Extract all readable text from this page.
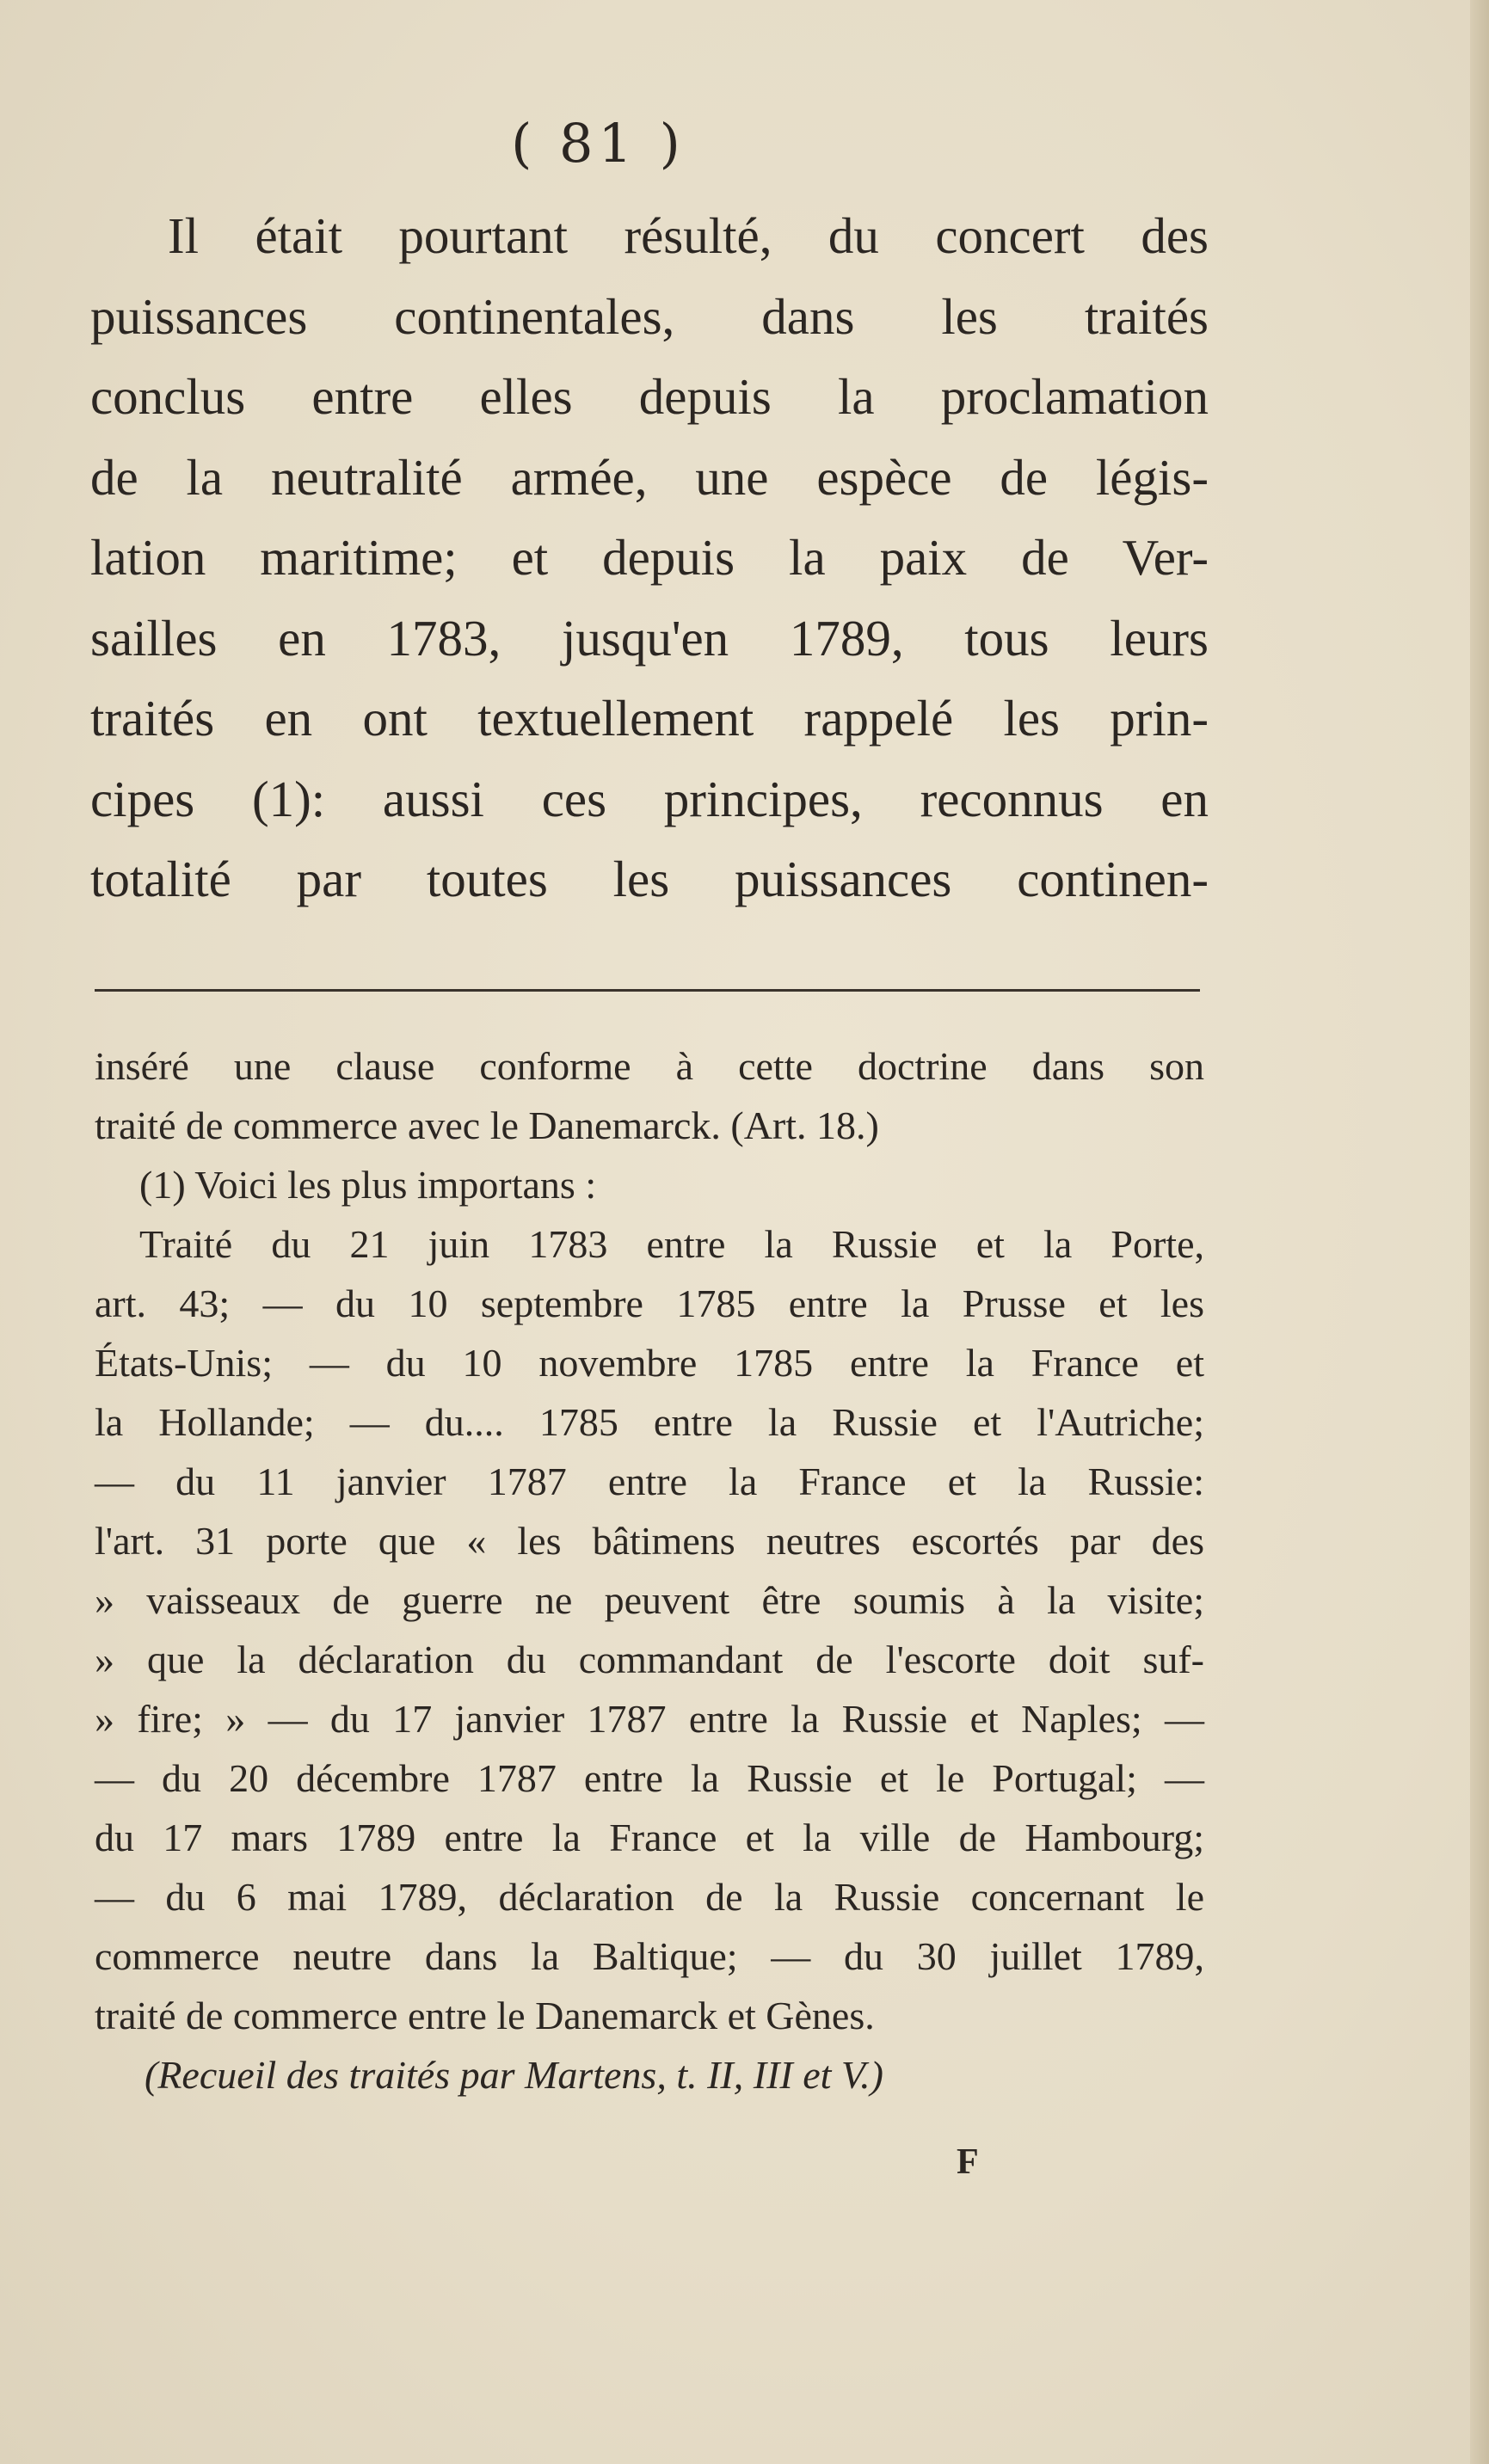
( 81 )

Il était pourtant résulté, du concert des

puissances continentales, dans les traités

conclus entre elles depuis la proclamation

de la neutralité armée, une espèce de légis-

lation maritime; et depuis la paix de Ver-

sailles en 1783, jusqu'en 1789, tous leurs

traités en ont textuellement rappelé les prin-

cipes (1): aussi ces principes, reconnus en

totalité par toutes les puissances continen-

inséré une clause conforme à cette doctrine dans son

traité de commerce avec le Danemarck. (Art. 18.)

(1) Voici les plus importans :

Traité du 21 juin 1783 entre la Russie et la Porte,

art. 43; — du 10 septembre 1785 entre la Prusse et les

États-Unis; — du 10 novembre 1785 entre la France et

la Hollande; — du.... 1785 entre la Russie et l'Autriche;

— du 11 janvier 1787 entre la France et la Russie:

l'art. 31 porte que « les bâtimens neutres escortés par des

» vaisseaux de guerre ne peuvent être soumis à la visite;

» que la déclaration du commandant de l'escorte doit suf-

» fire; » — du 17 janvier 1787 entre la Russie et Naples; —

— du 20 décembre 1787 entre la Russie et le Portugal; —

du 17 mars 1789 entre la France et la ville de Hambourg;

— du 6 mai 1789, déclaration de la Russie concernant le

commerce neutre dans la Baltique; — du 30 juillet 1789,

traité de commerce entre le Danemarck et Gènes.

(Recueil des traités par Martens, t. II, III et V.)

F
